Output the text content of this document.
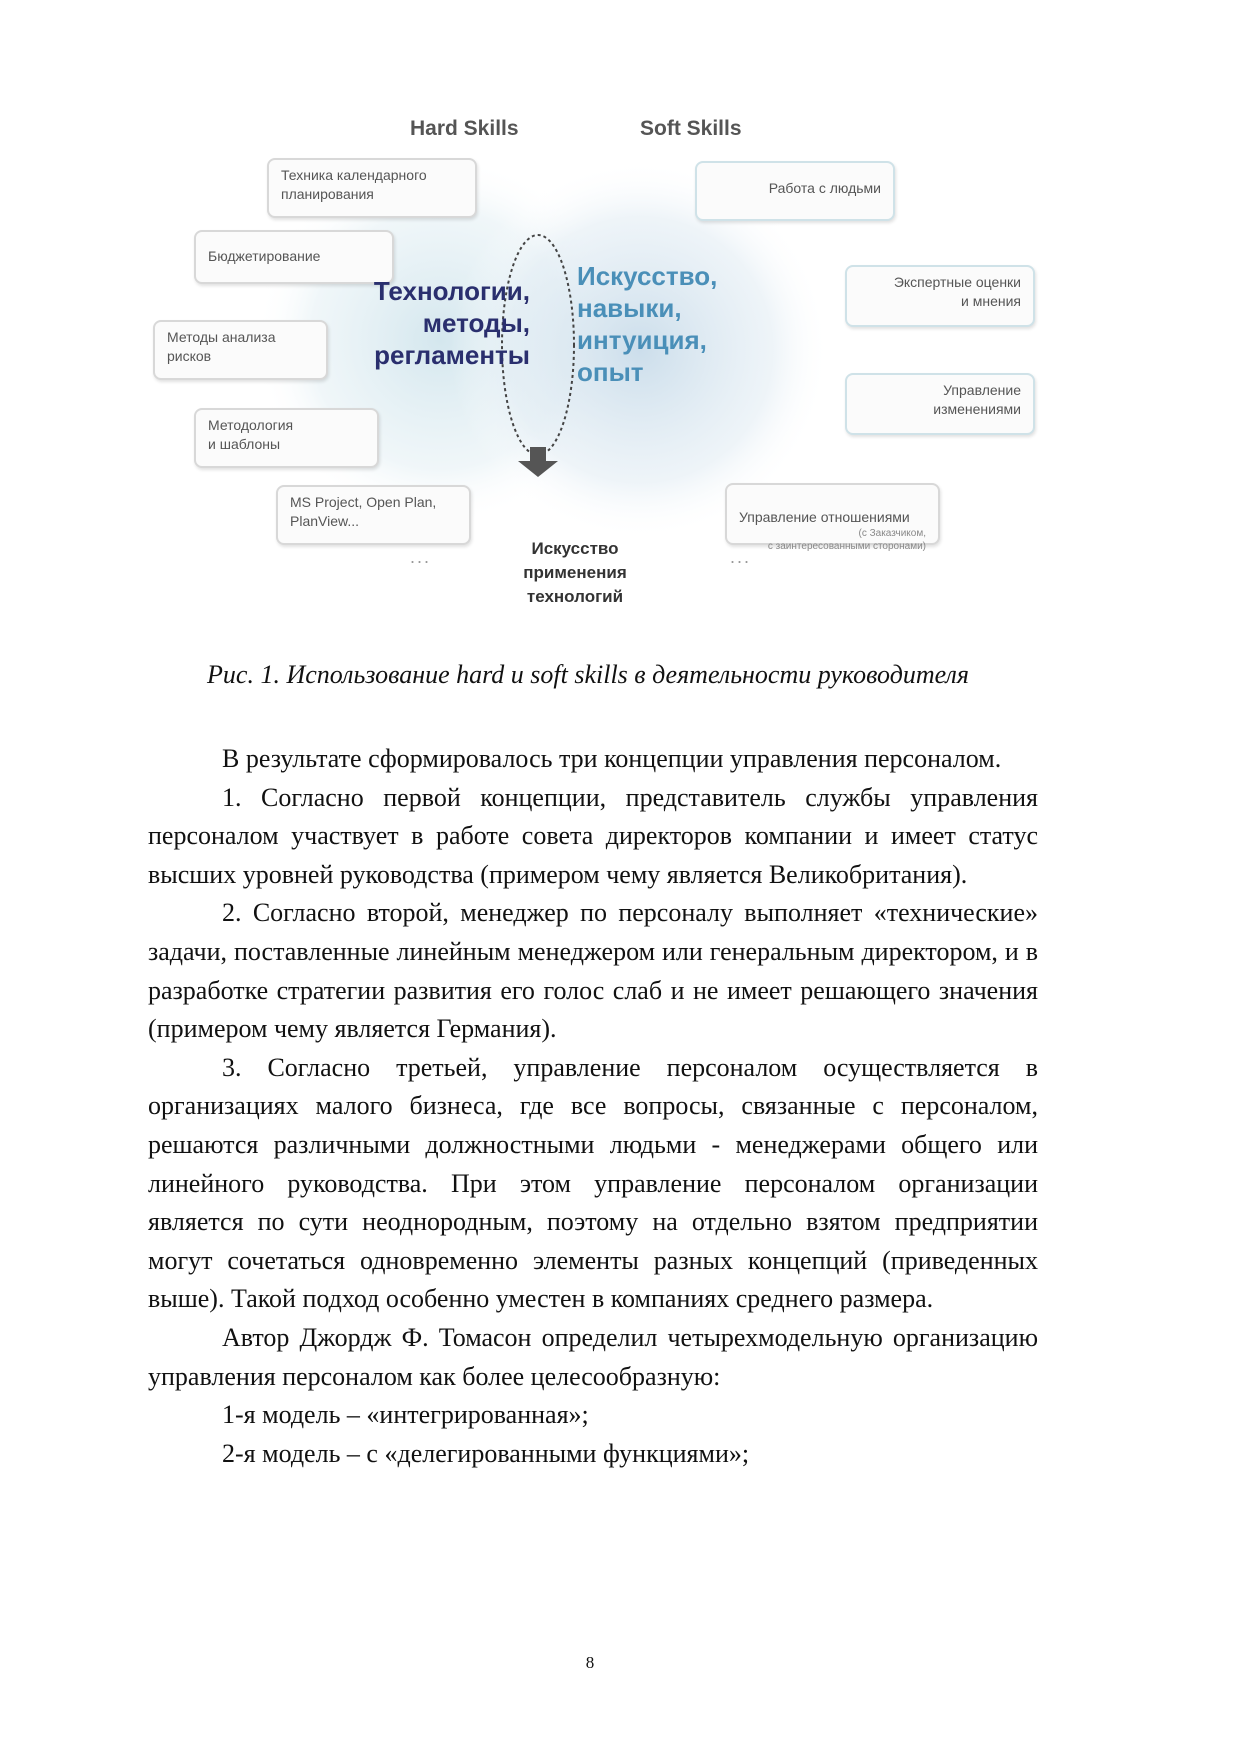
Hard Skills	Soft Skills
Техника календарного
планирования
Бюджетирование
Методы анализа
рисков
Методология
и шаблоны
MS Project, Open Plan,
PlanView...
Работа с людьми
Экспертные оценки
и мнения
Управление
изменениями

Управление отношениями

(с Заказчиком,
с заинтересованными сторонами)

Технологии,
методы,
регламенты
Искусство,
навыки,
интуиция,
опыт
...	...
Искусство
применения
технологий
Рис. 1. Использование hard и soft skills в деятельности руководителя

В результате сформировалось три концепции управления персоналом.

1. Согласно первой концепции, представитель службы управления персоналом участвует в работе совета директоров компании и имеет статус высших уровней руководства (примером чему является Великобритания).

2. Согласно второй, менеджер по персоналу выполняет «технические» задачи, поставленные линейным менеджером или генеральным директором, и в разработке стратегии развития его голос слаб и не имеет решающего значения (примером чему является Германия).

3. Согласно третьей, управление персоналом осуществляется в организациях малого бизнеса, где все вопросы, связанные с персоналом, решаются различными должностными людьми - менеджерами общего или линейного руководства. При этом управление персоналом организации является по сути неоднородным, поэтому на отдельно взятом предприятии могут сочетаться одновременно элементы разных концепций (приведенных выше). Такой подход особенно уместен в компаниях среднего размера.

Автор Джордж Ф. Томасон определил четырехмодельную организацию управления персоналом как более целесообразную:

1-я модель – «интегрированная»;

2-я модель – с «делегированными функциями»;

8
